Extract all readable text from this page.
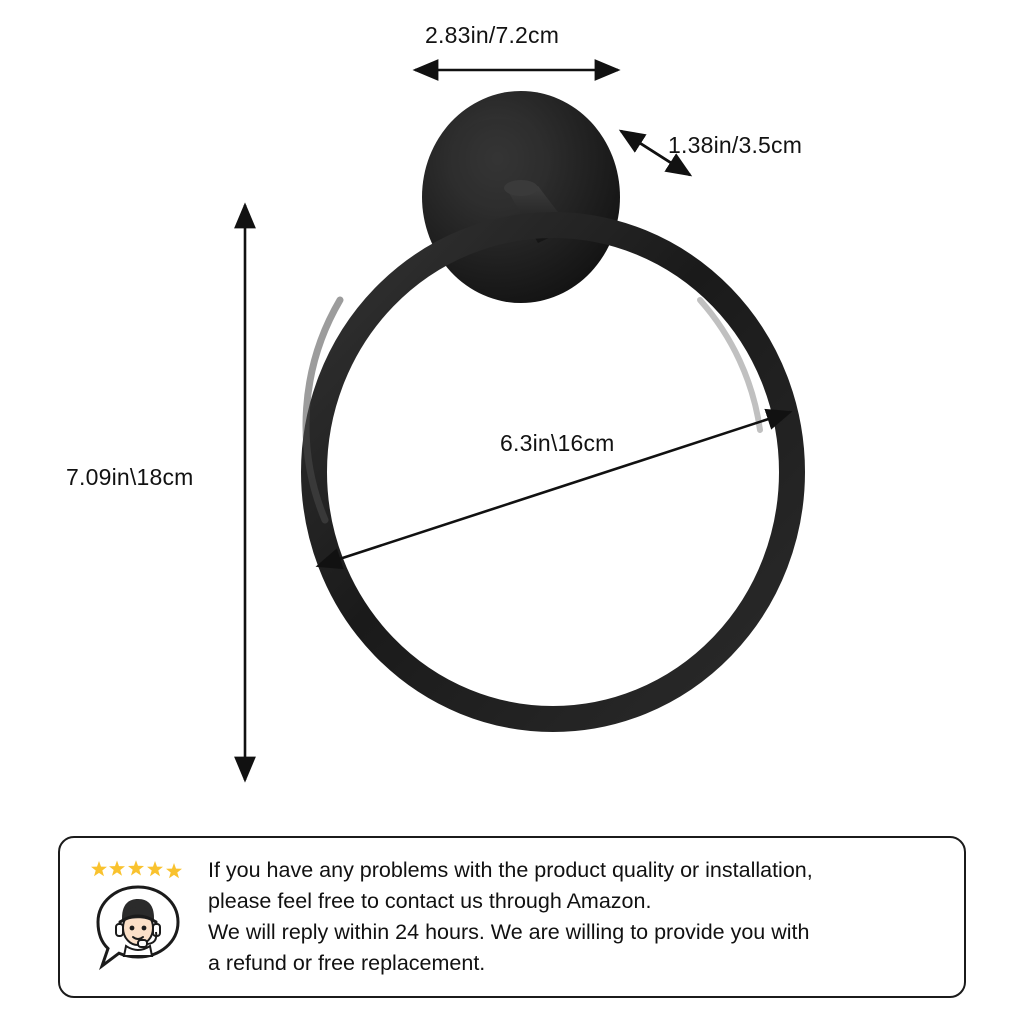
2.83in/7.2cm
1.38in/3.5cm
7.09in\18cm
6.3in\16cm
If you have any problems with the product quality or installation,
please feel free to contact us through Amazon.
We will reply within 24 hours. We are willing to provide you with
a refund or free replacement.
